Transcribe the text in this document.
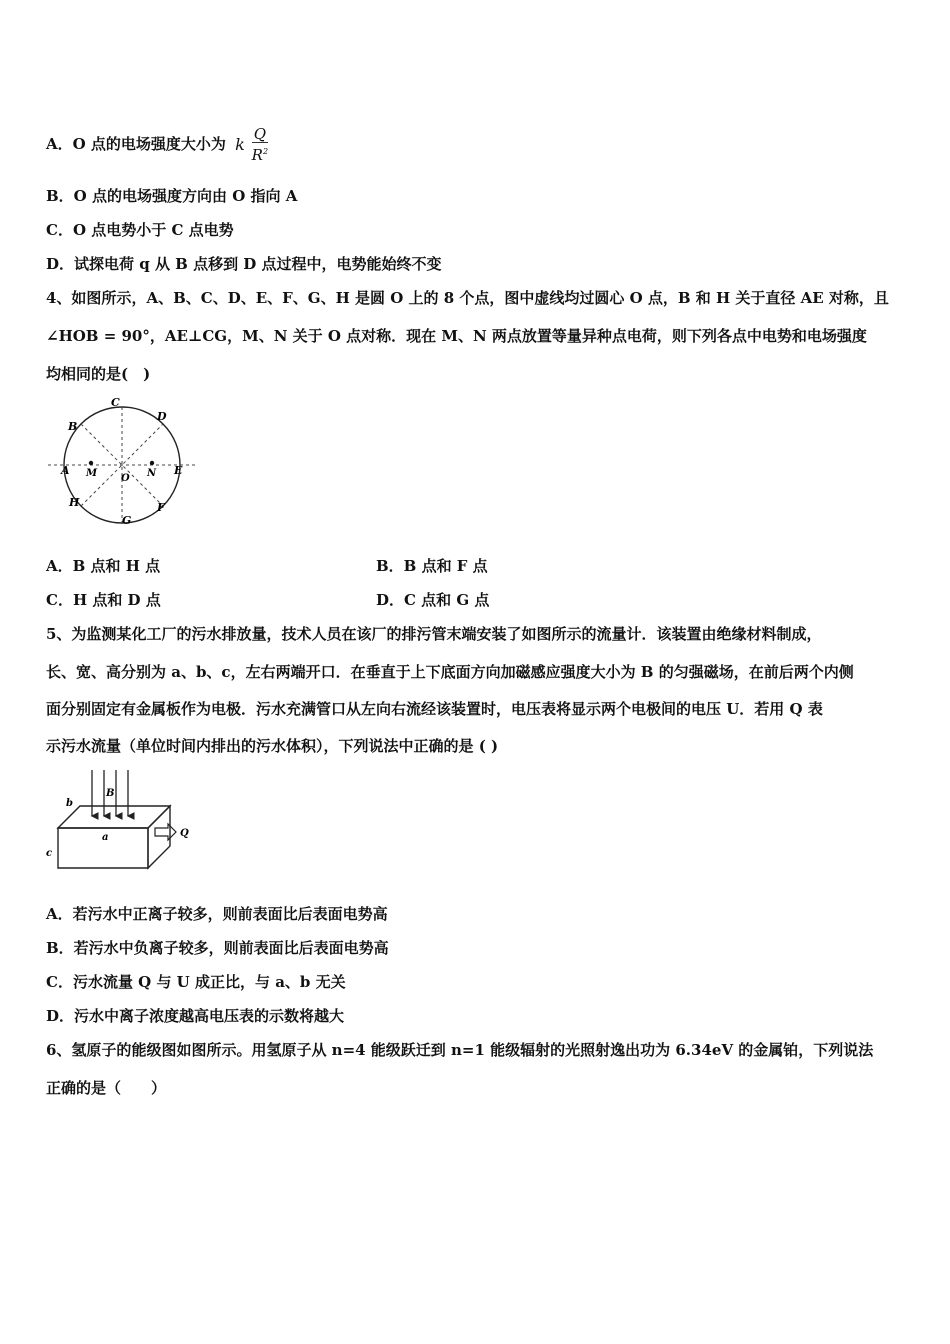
A．O 点的电场强度大小为 k $\frac{Q}{R^2}$
B．O 点的电场强度方向由 O 指向 A
C．O 点电势小于 C 点电势
D．试探电荷 q 从 B 点移到 D 点过程中，电势能始终不变
4、如图所示，A、B、C、D、E、F、G、H 是圆 O 上的 8 个点，图中虚线均过圆心 O 点，B 和 H 关于直径 AE 对称，且
∠HOB = 90°，AE⊥CG，M、N 关于 O 点对称．现在 M、N 两点放置等量异种点电荷，则下列各点中电势和电场强度
均相同的是(　)
C
D
B
A	E
M	N
O
H	F
G
A．B 点和 H 点	B．B 点和 F 点
C．H 点和 D 点	D．C 点和 G 点
5、为监测某化工厂的污水排放量，技术人员在该厂的排污管末端安装了如图所示的流量计．该装置由绝缘材料制成，
长、宽、高分别为 a、b、c，左右两端开口．在垂直于上下底面方向加磁感应强度大小为 B 的匀强磁场，在前后两个内侧
面分别固定有金属板作为电极．污水充满管口从左向右流经该装置时，电压表将显示两个电极间的电压 U．若用 Q 表
示污水流量（单位时间内排出的污水体积），下列说法中正确的是 ( )
b
B
a
c
Q
A．若污水中正离子较多，则前表面比后表面电势高
B．若污水中负离子较多，则前表面比后表面电势高
C．污水流量 Q 与 U 成正比，与 a、b 无关
D．污水中离子浓度越高电压表的示数将越大
6、氢原子的能级图如图所示。用氢原子从 n=4 能级跃迁到 n=1 能级辐射的光照射逸出功为 6.34eV 的金属铂，下列说法
正确的是（　　）
